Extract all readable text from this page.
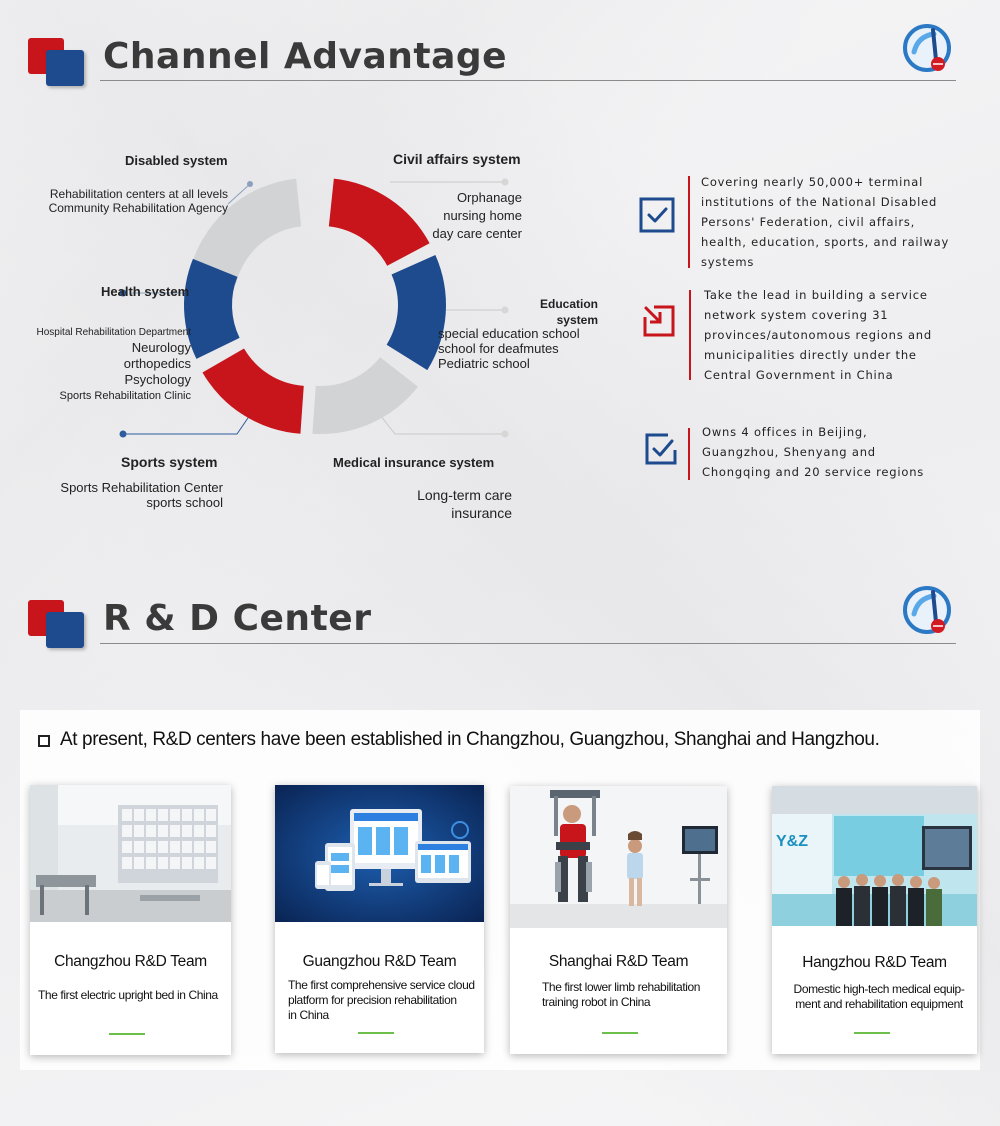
Channel Advantage
Disabled system
Rehabilitation centers at all levels
Community Rehabilitation Agency
Civil affairs system
Orphanage
nursing home
day care center
Health system
Hospital Rehabilitation Department
Neurology
orthopedics
Psychology
Sports Rehabilitation Clinic
Education
system
special education school
school for deafmutes
Pediatric school
Sports system
Sports Rehabilitation Center
sports school
Medical insurance system
Long-term care
insurance
Covering nearly 50,000+ terminal
institutions of the National Disabled
Persons' Federation, civil affairs,
health, education, sports, and railway
systems
Take the lead in building a service
network system covering 31
provinces/autonomous regions and
municipalities directly under the
Central Government in China
Owns 4 offices in Beijing,
Guangzhou, Shenyang and
Chongqing and 20 service regions
R & D Center
At present, R&D centers have been established in Changzhou, Guangzhou, Shanghai and Hangzhou.
Changzhou R&D Team
The first electric upright bed in China
Guangzhou R&D Team
The first comprehensive service cloud
platform for precision rehabilitation
in China
Shanghai R&D Team
The first lower limb rehabilitation
training robot in China
Y&Z
Hangzhou R&D Team
Domestic high-tech medical equip-
ment and rehabilitation equipment
